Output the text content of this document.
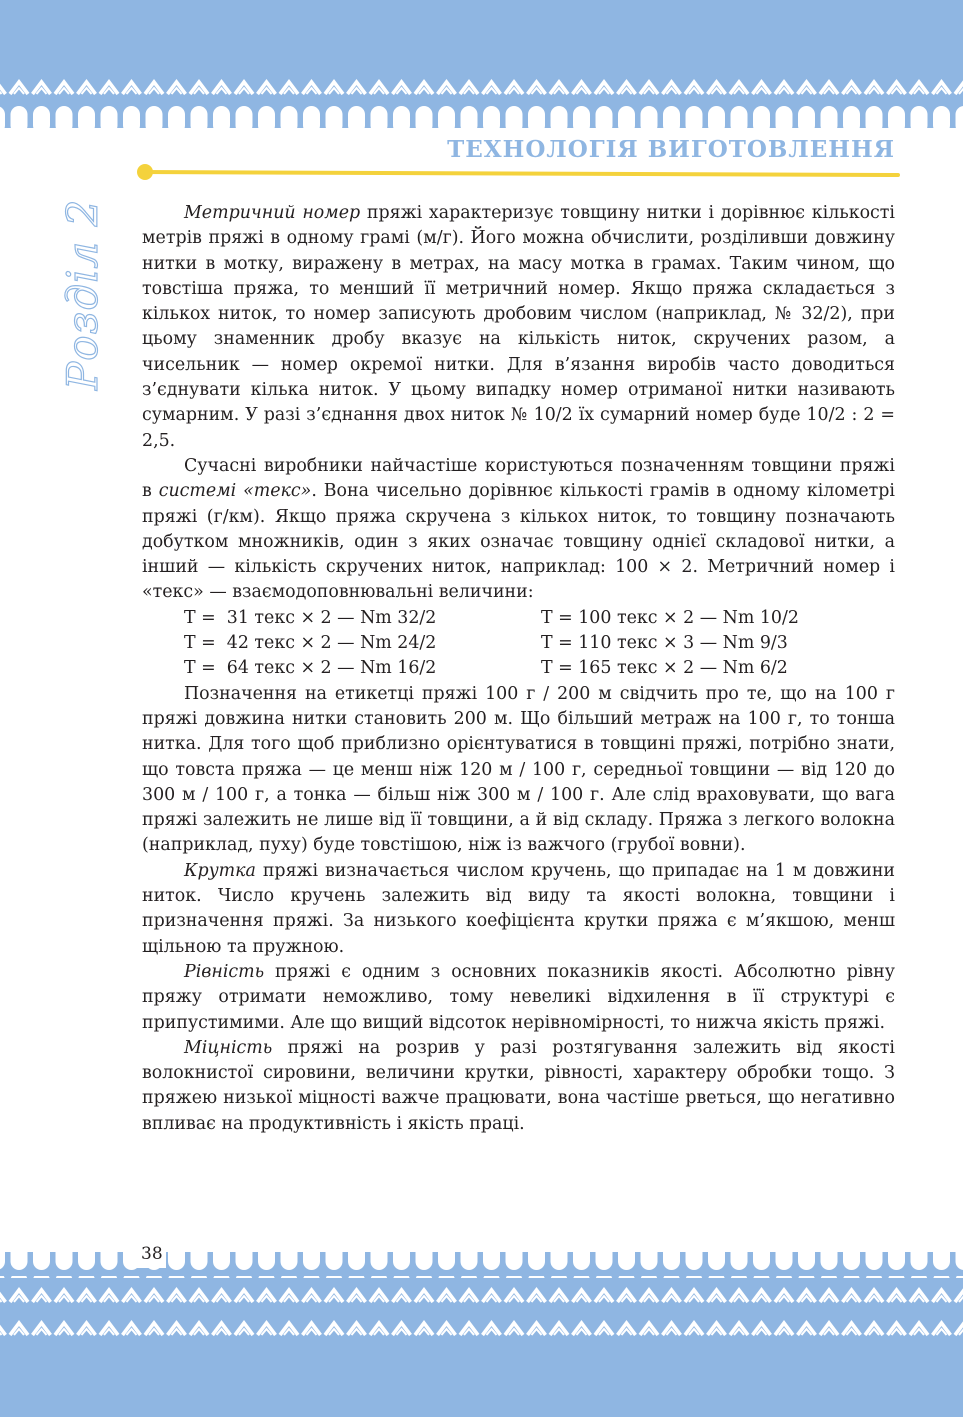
ТЕХНОЛОГІЯ ВИГОТОВЛЕННЯ
Розділ 2	Метричний номер пряжі характеризує товщину нитки і дорівнює кількості метрів пряжі в одному грамі (м/г). Його можна обчислити, розділивши довжину нитки в мотку, виражену в метрах, на масу мотка в грамах. Таким чином, що товстіша пряжа, то менший її метричний номер. Якщо пряжа складається з кількох ниток, то номер записують дробовим числом (наприклад, № 32/2), при цьому знаменник дробу вказує на кількість ниток, скручених разом, а чисельник — номер окремої нитки. Для в’язання виробів часто доводиться з’єднувати кілька ниток. У цьому випадку номер отриманої нитки називають сумарним. У разі з’єднання двох ниток № 10/2 їх сумарний номер буде 10/2 : 2 = 2,5.

Сучасні виробники найчастіше користуються позначенням товщини пряжі в системі «текс». Вона чисельно дорівнює кількості грамів в одному кілометрі пряжі (г/км). Якщо пряжа скручена з кількох ниток, то товщину позначають добутком множників, один з яких означає товщину однієї складової нитки, а інший — кількість скручених ниток, наприклад: 100 × 2. Метричний номер і «текс» — взаємодоповнювальні величини:

Т =  31 текс × 2 — Nm 32/2	Т = 100 текс × 2 — Nm 10/2
Т =  42 текс × 2 — Nm 24/2	Т = 110 текс × 3 — Nm 9/3
Т =  64 текс × 2 — Nm 16/2	Т = 165 текс × 2 — Nm 6/2

Позначення на етикетці пряжі 100 г / 200 м свідчить про те, що на 100 г пряжі довжина нитки становить 200 м. Що більший метраж на 100 г, то тонша нитка. Для того щоб приблизно орієнтуватися в товщині пряжі, потрібно знати, що товста пряжа — це менш ніж 120 м / 100 г, середньої товщини — від 120 до 300 м / 100 г, а тонка — більш ніж 300 м / 100 г. Але слід враховувати, що вага пряжі залежить не лише від її товщини, а й від складу. Пряжа з легкого волокна (наприклад, пуху) буде товстішою, ніж із важчого (грубої вовни).

Крутка пряжі визначається числом кручень, що припадає на 1 м довжини ниток. Число кручень залежить від виду та якості волокна, товщини і призначення пряжі. За низького коефіцієнта крутки пряжа є м’якшою, менш щільною та пружною.

Рівність пряжі є одним з основних показників якості. Абсолютно рівну пряжу отримати неможливо, тому невеликі відхилення в її структурі є припустимими. Але що вищий відсоток нерівномірності, то нижча якість пряжі.

Міцність пряжі на розрив у разі розтягування залежить від якості волокнистої сировини, величини крутки, рівності, характеру обробки тощо. З пряжею низької міцності важче працювати, вона частіше рветься, що негативно впливає на продуктивність і якість праці.

38
